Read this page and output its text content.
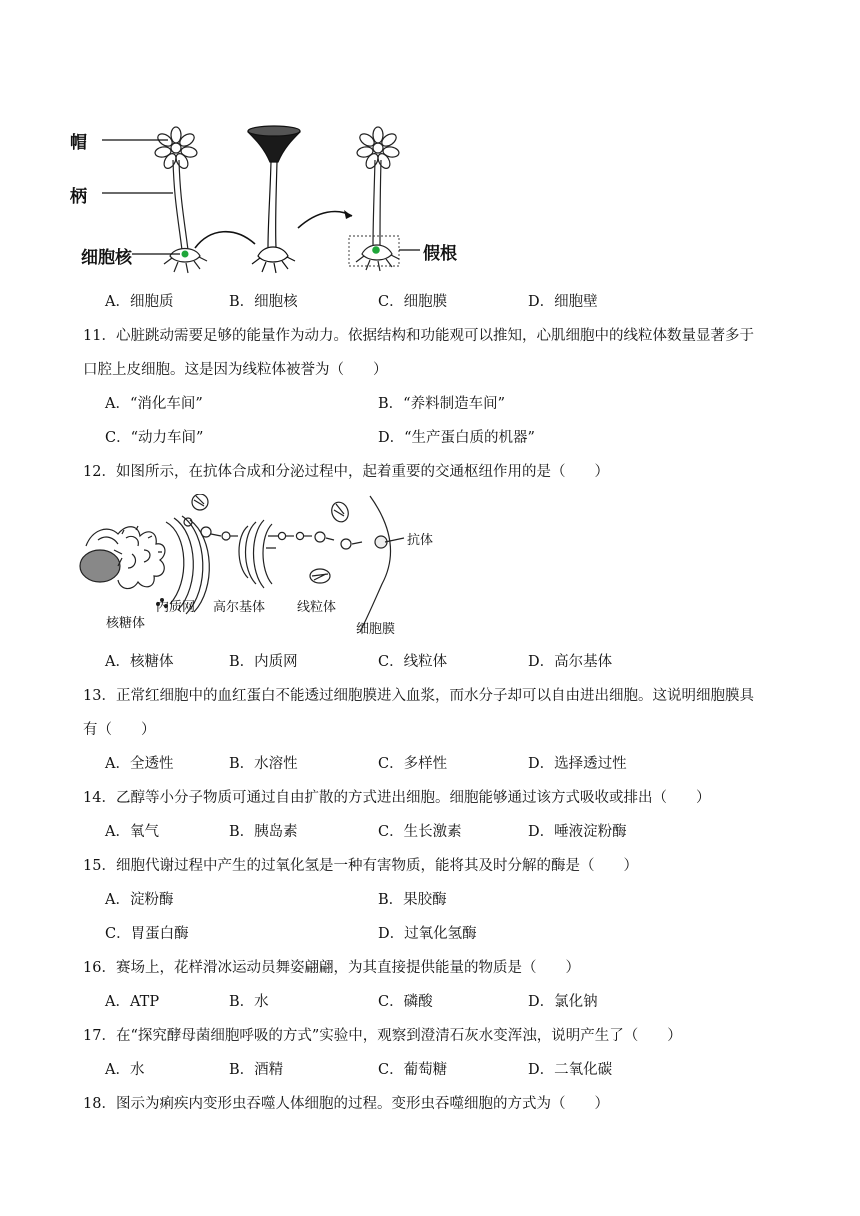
帽
柄
细胞核	假根
A．细胞质	B．细胞核	C．细胞膜	D．细胞壁
11．心脏跳动需要足够的能量作为动力。依据结构和功能观可以推知，心肌细胞中的线粒体数量显著多于
口腔上皮细胞。这是因为线粒体被誉为（　　）
A．“消化车间”	B．“养料制造车间”
C．“动力车间”	D．“生产蛋白质的机器”
12．如图所示，在抗体合成和分泌过程中，起着重要的交通枢纽作用的是（　　）
核糖体
内质网 高尔基体 线粒体
抗体
细胞膜
A．核糖体	B．内质网	C．线粒体	D．高尔基体
13．正常红细胞中的血红蛋白不能透过细胞膜进入血浆，而水分子却可以自由进出细胞。这说明细胞膜具
有（　　）
A．全透性	B．水溶性	C．多样性	D．选择透过性
14．乙醇等小分子物质可通过自由扩散的方式进出细胞。细胞能够通过该方式吸收或排出（　　）
A．氧气	B．胰岛素	C．生长激素	D．唾液淀粉酶
15．细胞代谢过程中产生的过氧化氢是一种有害物质，能将其及时分解的酶是（　　）
A．淀粉酶	B．果胶酶
C．胃蛋白酶	D．过氧化氢酶
16．赛场上，花样滑冰运动员舞姿翩翩，为其直接提供能量的物质是（　　）
A．ATP	B．水	C．磷酸	D．氯化钠
17．在“探究酵母菌细胞呼吸的方式”实验中，观察到澄清石灰水变浑浊，说明产生了（　　）
A．水	B．酒精	C．葡萄糖	D．二氧化碳
18．图示为痢疾内变形虫吞噬人体细胞的过程。变形虫吞噬细胞的方式为（　　）
